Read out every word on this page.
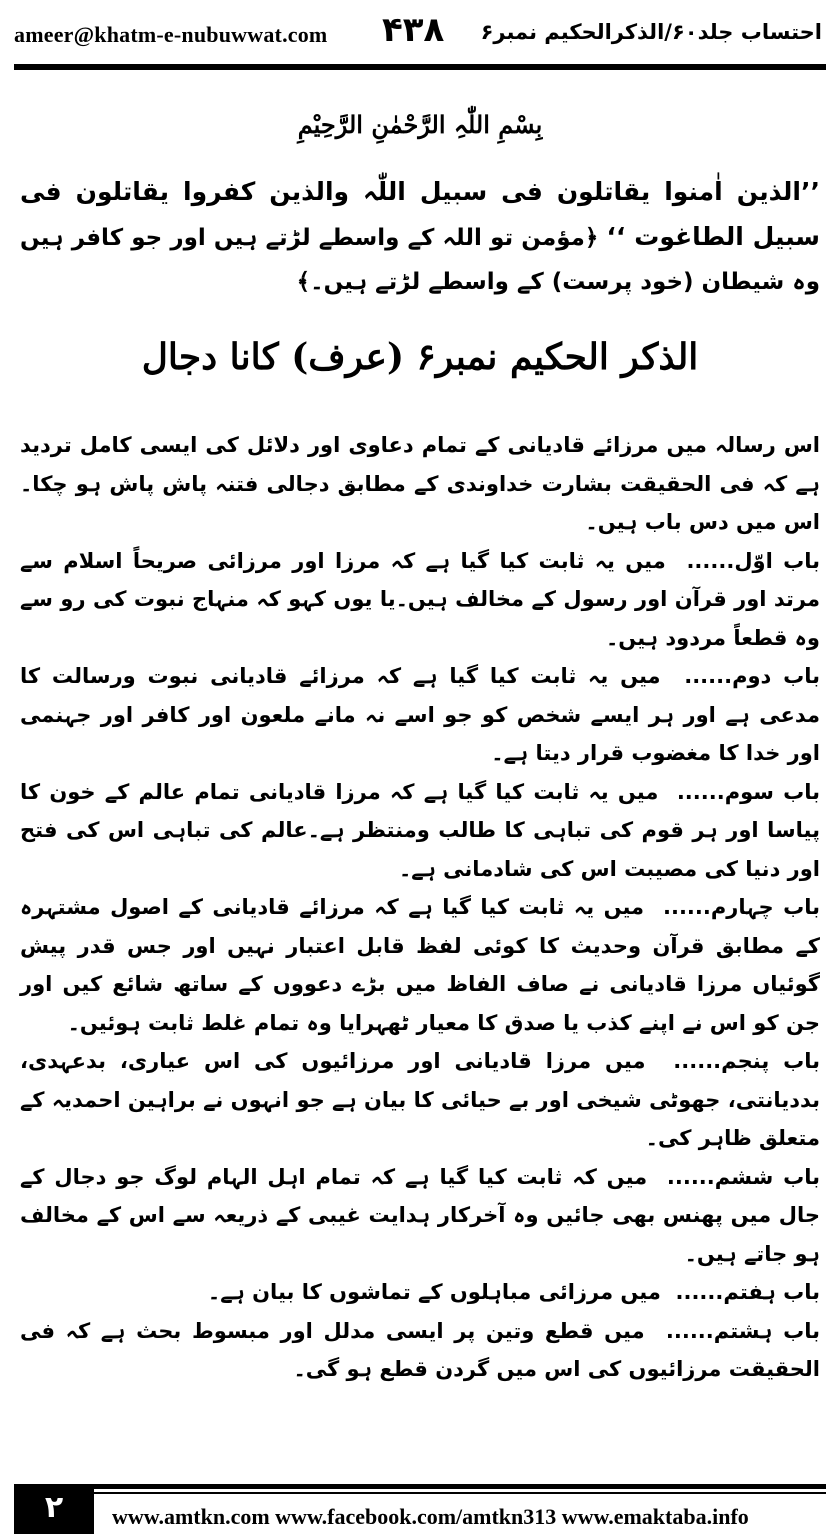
ameer@khatm-e-nubuwwat.com ۴۳۸ احتساب جلد۶۰/الذکرالحکیم نمبر۶
بِسْمِ اللّٰہِ الرَّحْمٰنِ الرَّحِیْمِ
’’الذین اٰمنوا یقاتلون فی سبیل اللّٰہ والذین کفروا یقاتلون فی سبیل الطاغوت ‘‘ ﴿مؤمن تو اللہ کے واسطے لڑتے ہیں اور جو کافر ہیں وہ شیطان (خود پرست) کے واسطے لڑتے ہیں۔﴾
الذکر الحکیم نمبر۶ (عرف) کانا دجال

اس رسالہ میں مرزائے قادیانی کے تمام دعاوی اور دلائل کی ایسی کامل تردید ہے کہ فی الحقیقت بشارت خداوندی کے مطابق دجالی فتنہ پاش پاش ہو چکا۔اس میں دس باب ہیں۔

باب اوّل......  میں یہ ثابت کیا گیا ہے کہ مرزا اور مرزائی صریحاً اسلام سے مرتد اور قرآن اور رسول کے مخالف ہیں۔یا یوں کہو کہ منہاج نبوت کی رو سے وہ قطعاً مردود ہیں۔

باب دوم......  میں یہ ثابت کیا گیا ہے کہ مرزائے قادیانی نبوت ورسالت کا مدعی ہے اور ہر ایسے شخص کو جو اسے نہ مانے ملعون اور کافر اور جہنمی اور خدا کا مغضوب قرار دیتا ہے۔

باب سوم......  میں یہ ثابت کیا گیا ہے کہ مرزا قادیانی تمام عالم کے خون کا پیاسا اور ہر قوم کی تباہی کا طالب ومنتظر ہے۔عالم کی تباہی اس کی فتح اور دنیا کی مصیبت اس کی شادمانی ہے۔

باب چہارم......  میں یہ ثابت کیا گیا ہے کہ مرزائے قادیانی کے اصول مشتہرہ کے مطابق قرآن وحدیث کا کوئی لفظ قابل اعتبار نہیں اور جس قدر پیش گوئیاں مرزا قادیانی نے صاف الفاظ میں بڑے دعووں کے ساتھ شائع کیں اور جن کو اس نے اپنے کذب یا صدق کا معیار ٹھہرایا وہ تمام غلط ثابت ہوئیں۔

باب پنجم......  میں مرزا قادیانی اور مرزائیوں کی اس عیاری، بدعہدی، بددیانتی، جھوٹی شیخی اور بے حیائی کا بیان ہے جو انہوں نے براہین احمدیہ کے متعلق ظاہر کی۔

باب ششم......  میں کہ ثابت کیا گیا ہے کہ تمام اہل الہام لوگ جو دجال کے جال میں پھنس بھی جائیں وہ آخرکار ہدایت غیبی کے ذریعہ سے اس کے مخالف ہو جاتے ہیں۔

باب ہفتم......  میں مرزائی مباہلوں کے تماشوں کا بیان ہے۔

باب ہشتم......  میں قطع وتین پر ایسی مدلل اور مبسوط بحث ہے کہ فی الحقیقت مرزائیوں کی اس میں گردن قطع ہو گی۔

۲	www.amtkn.com www.facebook.com/amtkn313 www.emaktaba.info
